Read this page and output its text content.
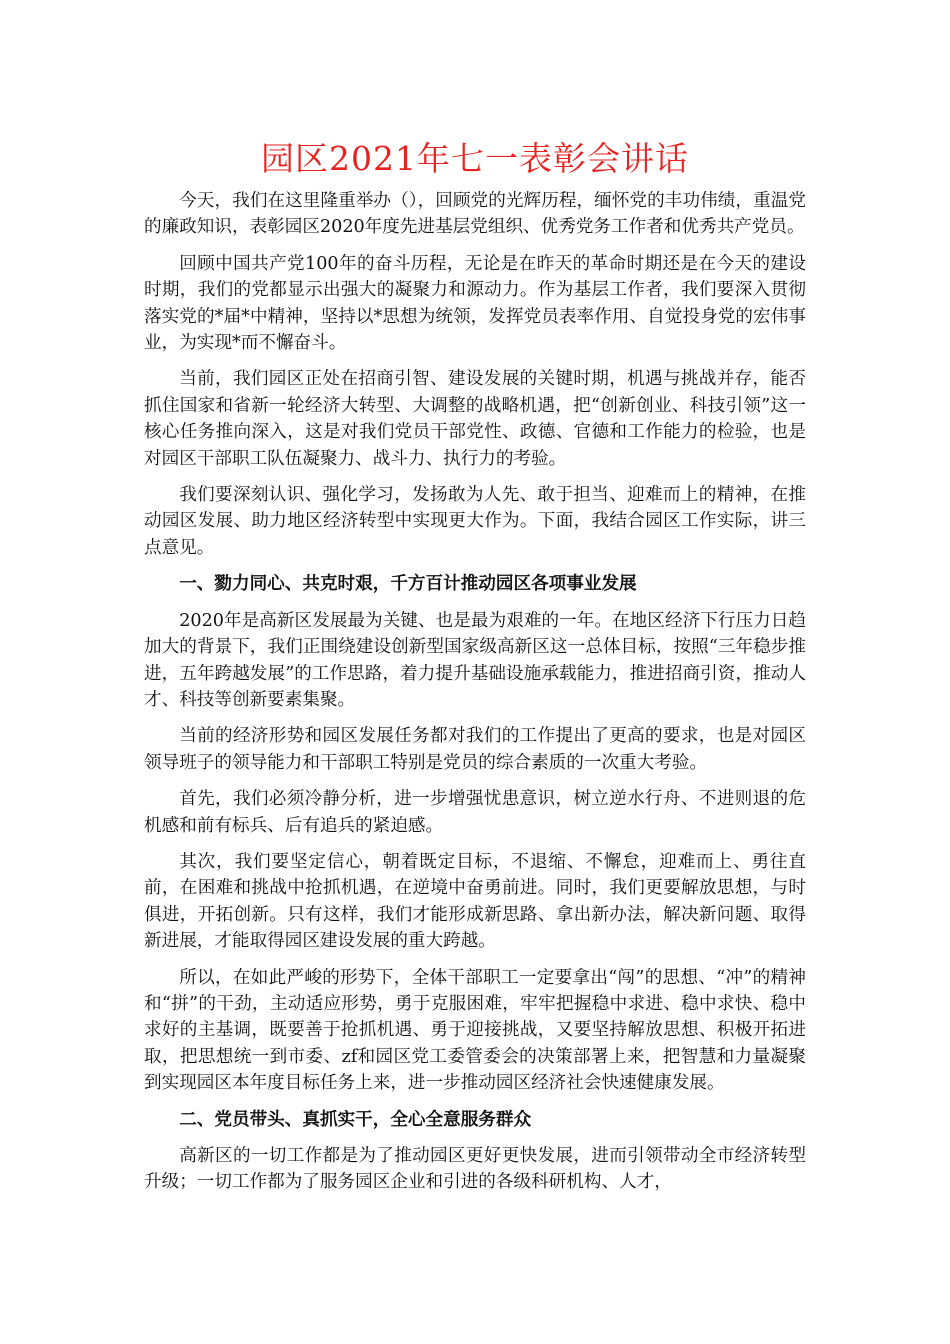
园区2021年七一表彰会讲话

今天，我们在这里隆重举办（），回顾党的光辉历程，缅怀党的丰功伟绩，重温党的廉政知识，表彰园区2020年度先进基层党组织、优秀党务工作者和优秀共产党员。

回顾中国共产党100年的奋斗历程，无论是在昨天的革命时期还是在今天的建设时期，我们的党都显示出强大的凝聚力和源动力。作为基层工作者，我们要深入贯彻落实党的*届*中精神，坚持以*思想为统领，发挥党员表率作用、自觉投身党的宏伟事业，为实现*而不懈奋斗。

当前，我们园区正处在招商引智、建设发展的关键时期，机遇与挑战并存，能否抓住国家和省新一轮经济大转型、大调整的战略机遇，把“创新创业、科技引领”这一核心任务推向深入，这是对我们党员干部党性、政德、官德和工作能力的检验，也是对园区干部职工队伍凝聚力、战斗力、执行力的考验。

我们要深刻认识、强化学习，发扬敢为人先、敢于担当、迎难而上的精神，在推动园区发展、助力地区经济转型中实现更大作为。下面，我结合园区工作实际，讲三点意见。

一、勠力同心、共克时艰，千方百计推动园区各项事业发展

2020年是高新区发展最为关键、也是最为艰难的一年。在地区经济下行压力日趋加大的背景下，我们正围绕建设创新型国家级高新区这一总体目标，按照“三年稳步推进，五年跨越发展”的工作思路，着力提升基础设施承载能力，推进招商引资，推动人才、科技等创新要素集聚。

当前的经济形势和园区发展任务都对我们的工作提出了更高的要求，也是对园区领导班子的领导能力和干部职工特别是党员的综合素质的一次重大考验。

首先，我们必须冷静分析，进一步增强忧患意识，树立逆水行舟、不进则退的危机感和前有标兵、后有追兵的紧迫感。

其次，我们要坚定信心，朝着既定目标，不退缩、不懈怠，迎难而上、勇往直前，在困难和挑战中抢抓机遇，在逆境中奋勇前进。同时，我们更要解放思想，与时俱进，开拓创新。只有这样，我们才能形成新思路、拿出新办法，解决新问题、取得新进展，才能取得园区建设发展的重大跨越。

所以，在如此严峻的形势下，全体干部职工一定要拿出“闯”的思想、“冲”的精神和“拼”的干劲，主动适应形势，勇于克服困难，牢牢把握稳中求进、稳中求快、稳中求好的主基调，既要善于抢抓机遇、勇于迎接挑战，又要坚持解放思想、积极开拓进取，把思想统一到市委、zf和园区党工委管委会的决策部署上来，把智慧和力量凝聚到实现园区本年度目标任务上来，进一步推动园区经济社会快速健康发展。

二、党员带头、真抓实干，全心全意服务群众

高新区的一切工作都是为了推动园区更好更快发展，进而引领带动全市经济转型升级；一切工作都为了服务园区企业和引进的各级科研机构、人才，
